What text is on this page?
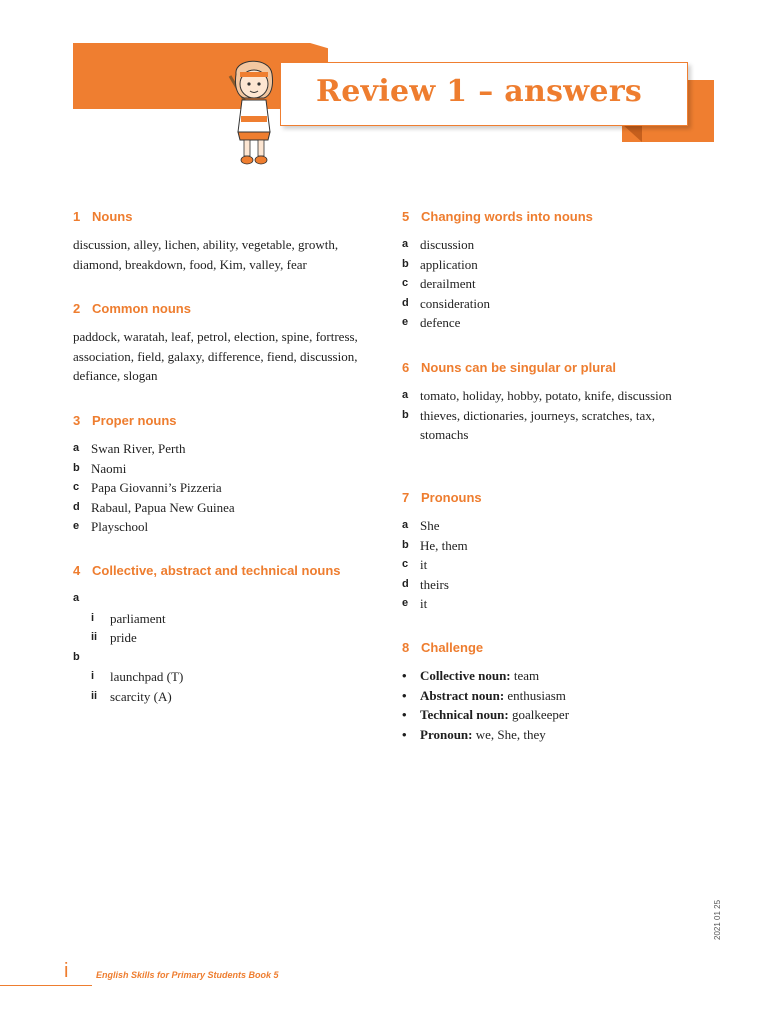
Review 1 – answers
1 Nouns
discussion, alley, lichen, ability, vegetable, growth, diamond, breakdown, food, Kim, valley, fear
2 Common nouns
paddock, waratah, leaf, petrol, election, spine, fortress, association, field, galaxy, difference, fiend, discussion, defiance, slogan
3 Proper nouns
a Swan River, Perth
b Naomi
c Papa Giovanni’s Pizzeria
d Rabaul, Papua New Guinea
e Playschool
4 Collective, abstract and technical nouns
a

i parliament
ii pride
b

i launchpad (T)
ii scarcity (A)
5 Changing words into nouns
a discussion
b application
c derailment
d consideration
e defence
6 Nouns can be singular or plural
a tomato, holiday, hobby, potato, knife, discussion
b thieves, dictionaries, journeys, scratches, tax, stomachs
7 Pronouns
a She
b He, them
c it
d theirs
e it
8 Challenge
• Collective noun: team
• Abstract noun: enthusiasm
• Technical noun: goalkeeper
• Pronoun: we, She, they
i	English Skills for Primary Students Book 5
2021 01 25
